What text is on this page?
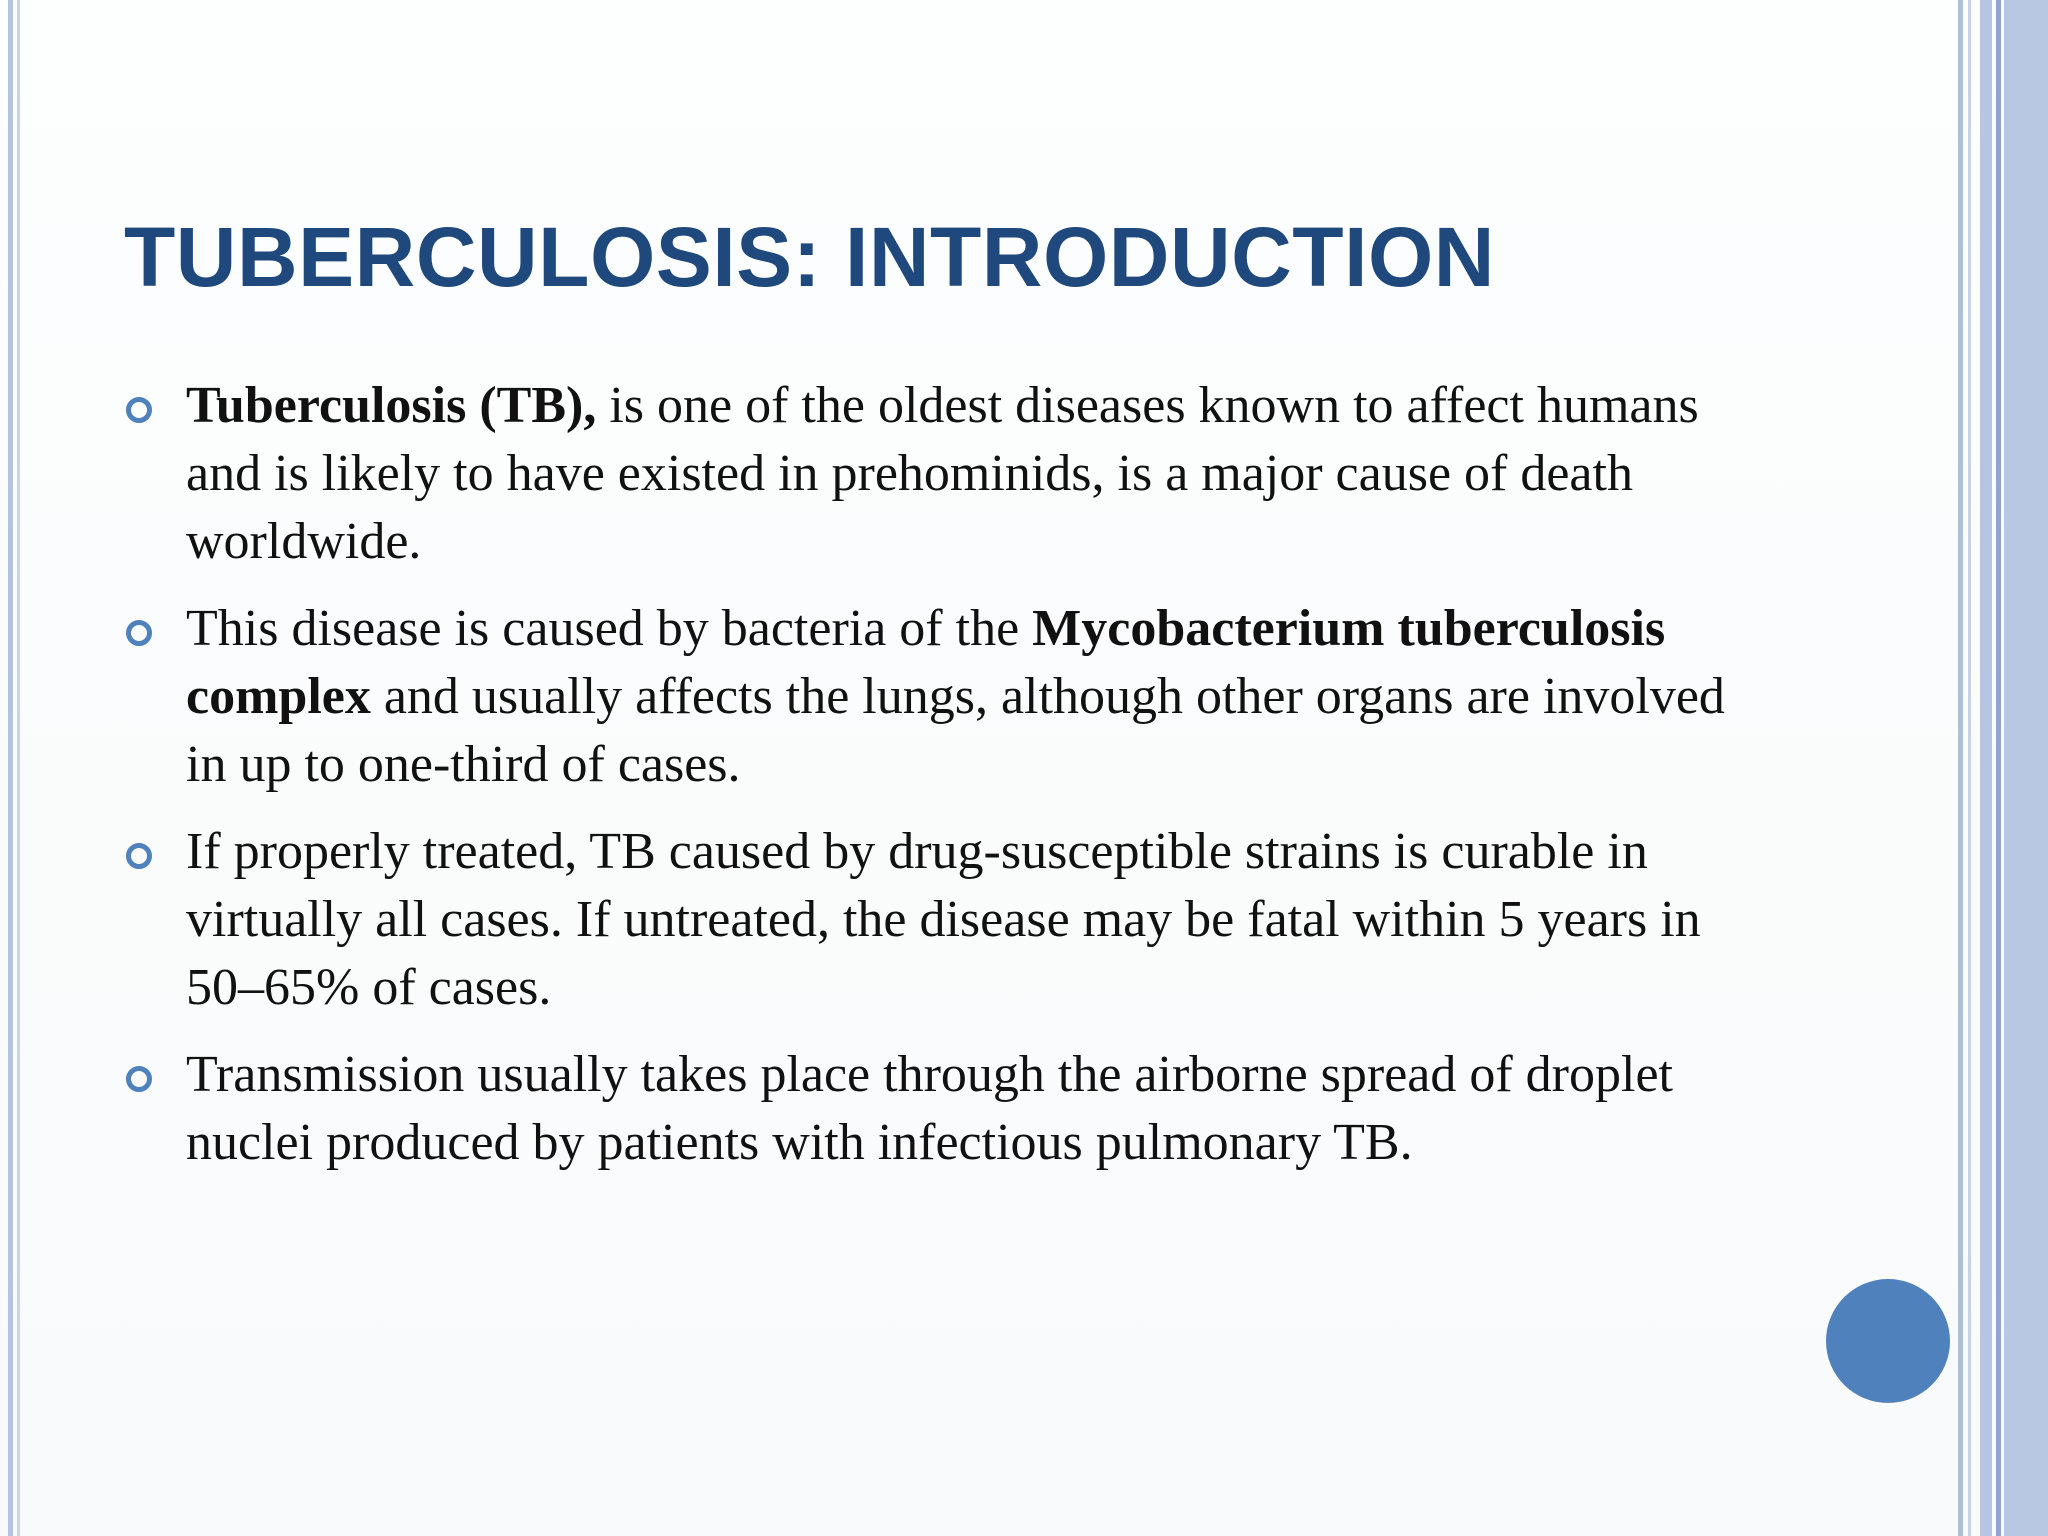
TUBERCULOSIS: INTRODUCTION
Tuberculosis (TB), is one of the oldest diseases known to affect humans and is likely to have existed in prehominids, is a major cause of death worldwide.
This disease is caused by bacteria of the Mycobacterium tuberculosis complex and usually affects the lungs, although other organs are involved in up to one-third of cases.
If properly treated, TB caused by drug-susceptible strains is curable in virtually all cases. If untreated, the disease may be fatal within 5 years in 50–65% of cases.
Transmission usually takes place through the airborne spread of droplet nuclei produced by patients with infectious pulmonary TB.
